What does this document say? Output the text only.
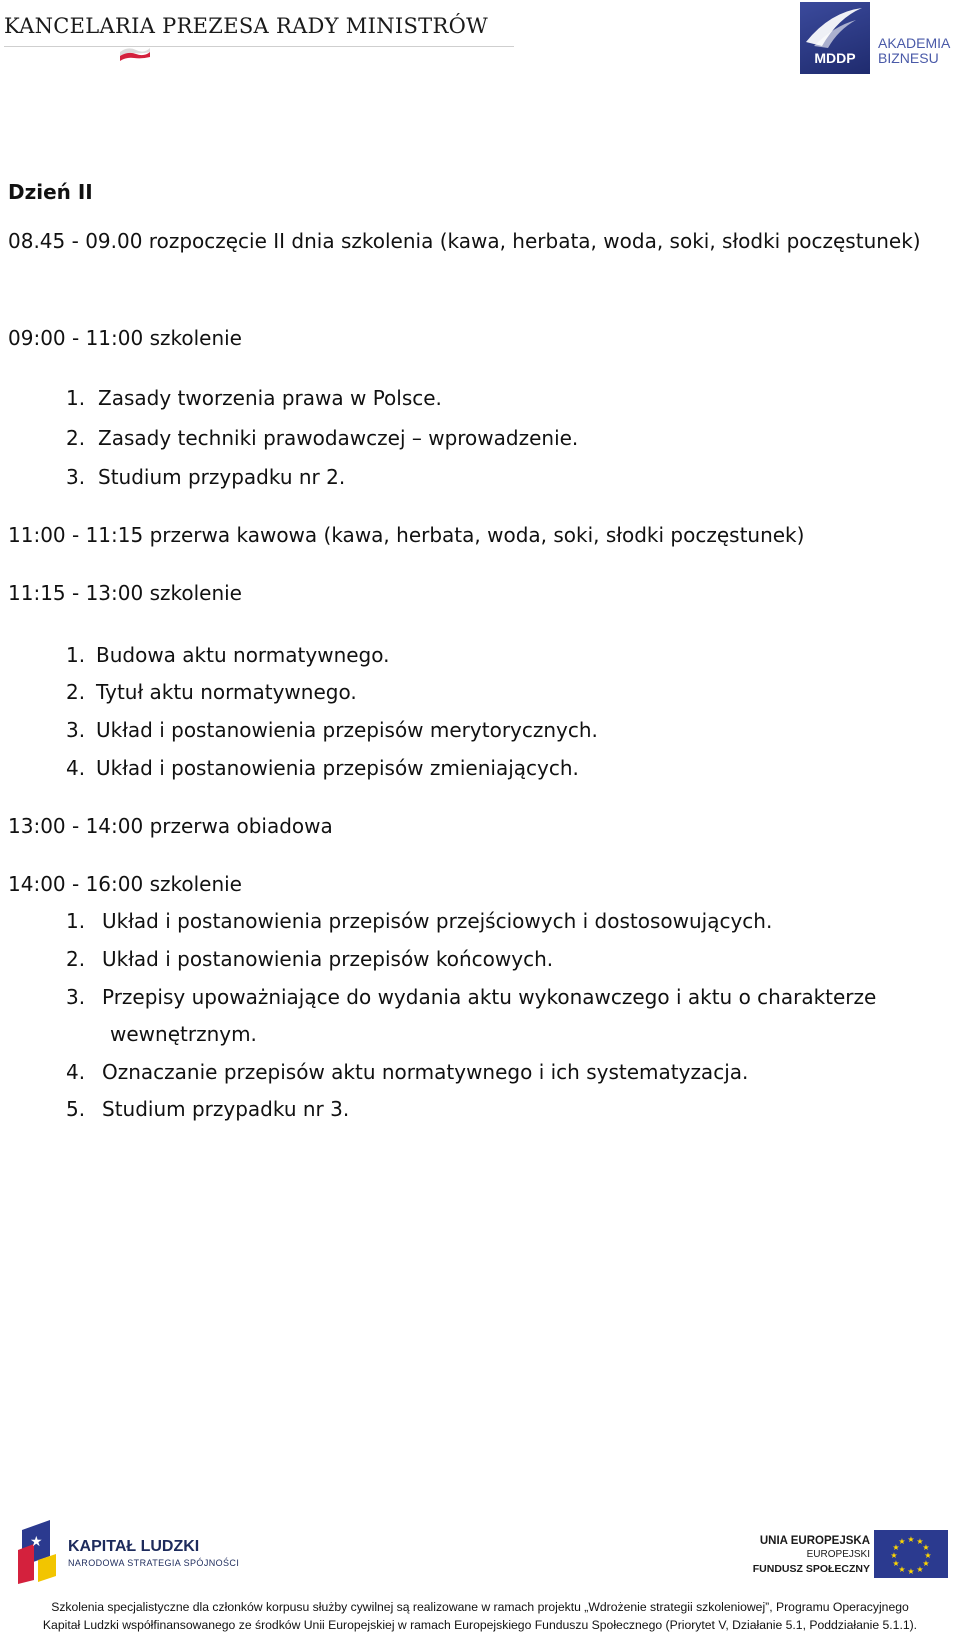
KANCELARIA PREZESA RADY MINISTRÓW
MDDP
AKADEMIA
BIZNESU
Dzień II
08.45 - 09.00 rozpoczęcie II dnia szkolenia (kawa, herbata, woda, soki, słodki poczęstunek)
09:00 - 11:00 szkolenie
1. Zasady tworzenia prawa w Polsce.
2. Zasady techniki prawodawczej – wprowadzenie.
3. Studium przypadku nr 2.
11:00 - 11:15 przerwa kawowa (kawa, herbata, woda, soki, słodki poczęstunek)
11:15 - 13:00 szkolenie
1. Budowa aktu normatywnego.
2. Tytuł aktu normatywnego.
3. Układ i postanowienia przepisów merytorycznych.
4. Układ i postanowienia przepisów zmieniających.
13:00 - 14:00 przerwa obiadowa
14:00 - 16:00 szkolenie
1. Układ i postanowienia przepisów przejściowych i dostosowujących.
2. Układ i postanowienia przepisów końcowych.
3. Przepisy upoważniające do wydania aktu wykonawczego i aktu o charakterze
wewnętrznym.
4. Oznaczanie przepisów aktu normatywnego i ich systematyzacja.
5. Studium przypadku nr 3.
★ KAPITAŁ LUDZKI
NARODOWA STRATEGIA SPÓJNOŚCI
UNIA EUROPEJSKA
EUROPEJSKI
FUNDUSZ SPOŁECZNY
★ ★
★
★
★
★
★
★
★
★
★
★
Szkolenia specjalistyczne dla członków korpusu służby cywilnej są realizowane w ramach projektu „Wdrożenie strategii szkoleniowej”, Programu Operacyjnego
Kapitał Ludzki współfinansowanego ze środków Unii Europejskiej w ramach Europejskiego Funduszu Społecznego (Priorytet V, Działanie 5.1, Poddziałanie 5.1.1).
